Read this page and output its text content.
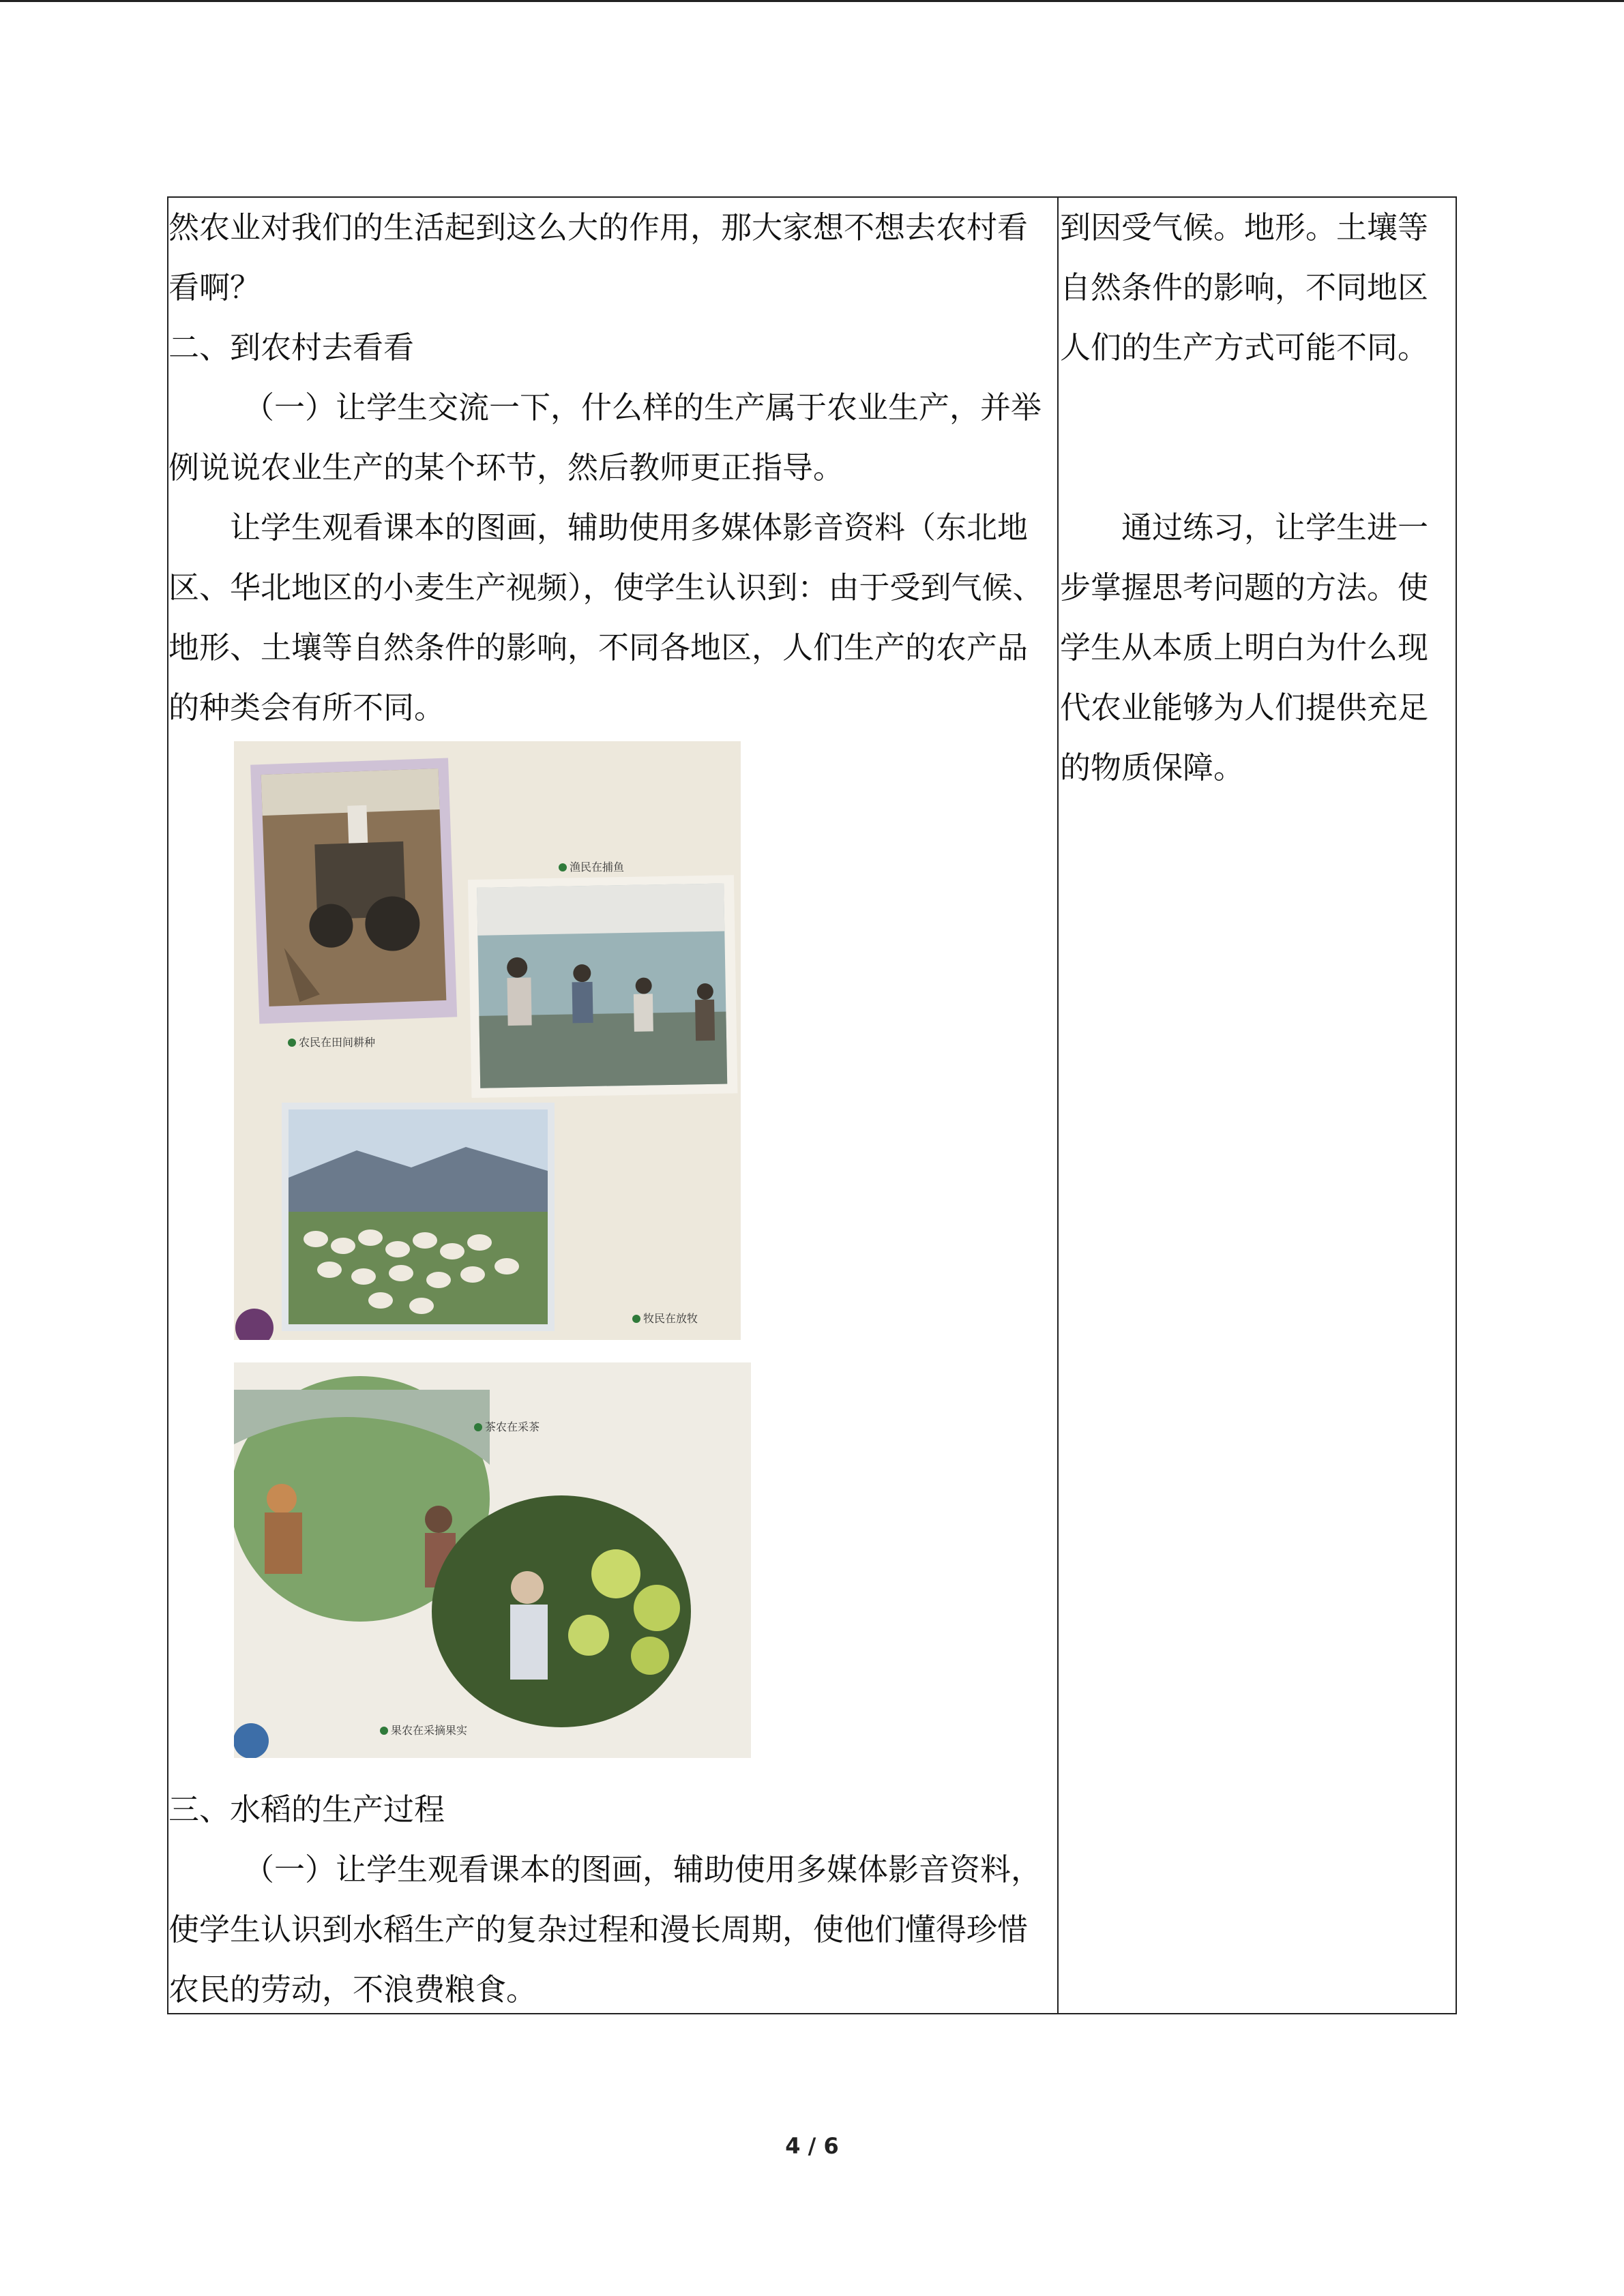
然农业对我们的生活起到这么大的作用，那大家想不想去农村看看啊？

二、到农村去看看

（一）让学生交流一下，什么样的生产属于农业生产，并举例说说农业生产的某个环节，然后教师更正指导。

让学生观看课本的图画，辅助使用多媒体影音资料（东北地区、华北地区的小麦生产视频），使学生认识到：由于受到气候、地形、土壤等自然条件的影响，不同各地区，人们生产的农产品的种类会有所不同。

农民在田间耕种
渔民在捕鱼
牧民在放牧
茶农在采茶
果农在采摘果实

三、水稻的生产过程

（一）让学生观看课本的图画，辅助使用多媒体影音资料，使学生认识到水稻生产的复杂过程和漫长周期，使他们懂得珍惜农民的劳动，不浪费粮食。

到因受气候。地形。土壤等自然条件的影响，不同地区人们的生产方式可能不同。

通过练习，让学生进一步掌握思考问题的方法。使学生从本质上明白为什么现代农业能够为人们提供充足的物质保障。

4 / 6
